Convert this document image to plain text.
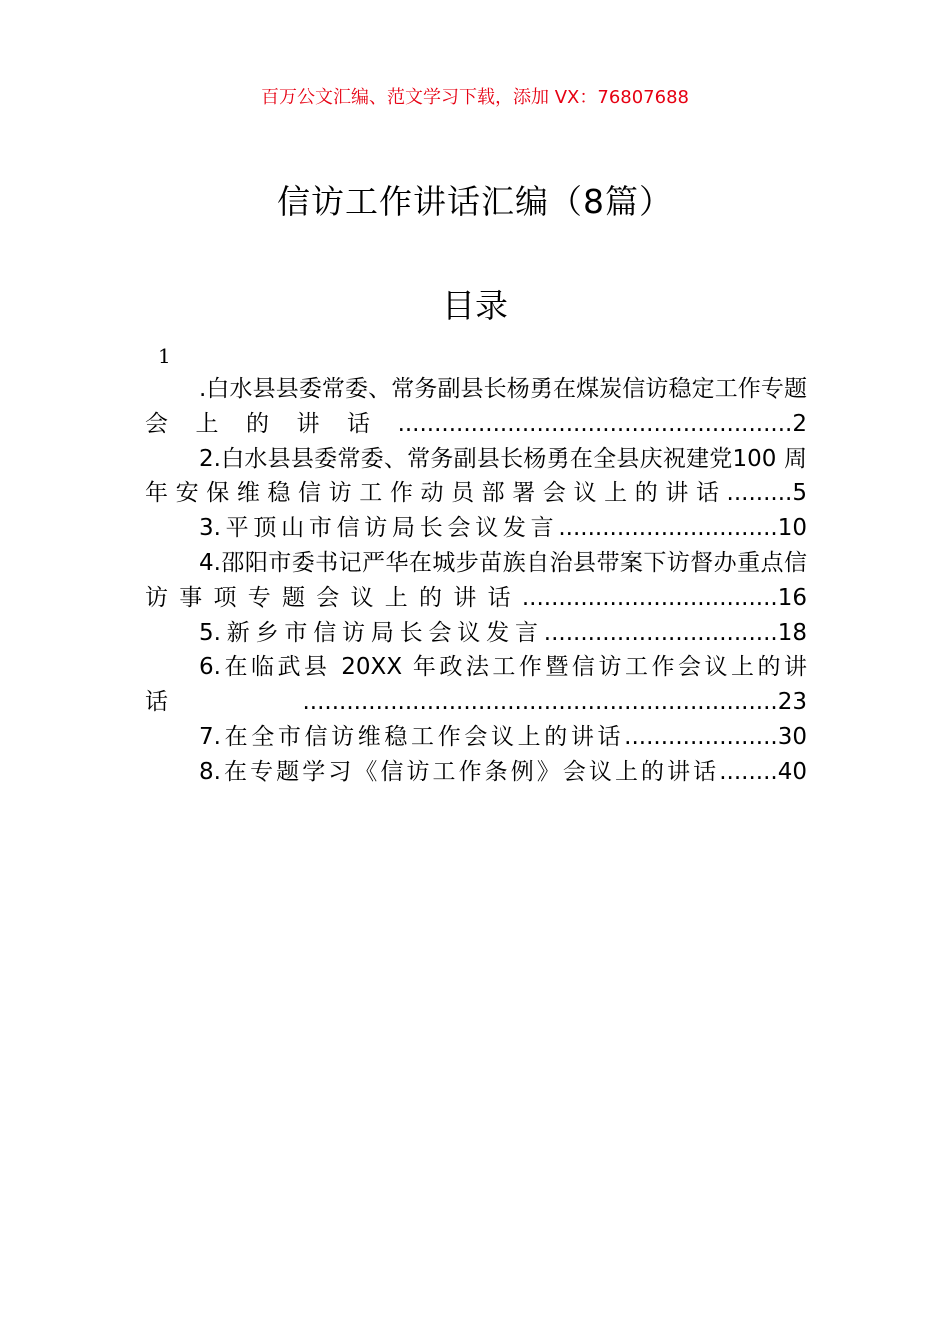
百万公文汇编、范文学习下载，添加 VX：76807688
信访工作讲话汇编（8篇）
目录
1
.白水县县委常委、常务副县长杨勇在煤炭信访稳定工作专题会上的讲话......................................................2
2.白水县县委常委、常务副县长杨勇在全县庆祝建党100 周年安保维稳信访工作动员部署会议上的讲话.........5
3.平顶山市信访局长会议发言..............................10
4.邵阳市委书记严华在城步苗族自治县带案下访督办重点信访事项专题会议上的讲话...................................16
5.新乡市信访局长会议发言................................18
6.在临武县 20XX 年政法工作暨信访工作会议上的讲话.................................................................23
7.在全市信访维稳工作会议上的讲话.....................30
8.在专题学习《信访工作条例》会议上的讲话........40
